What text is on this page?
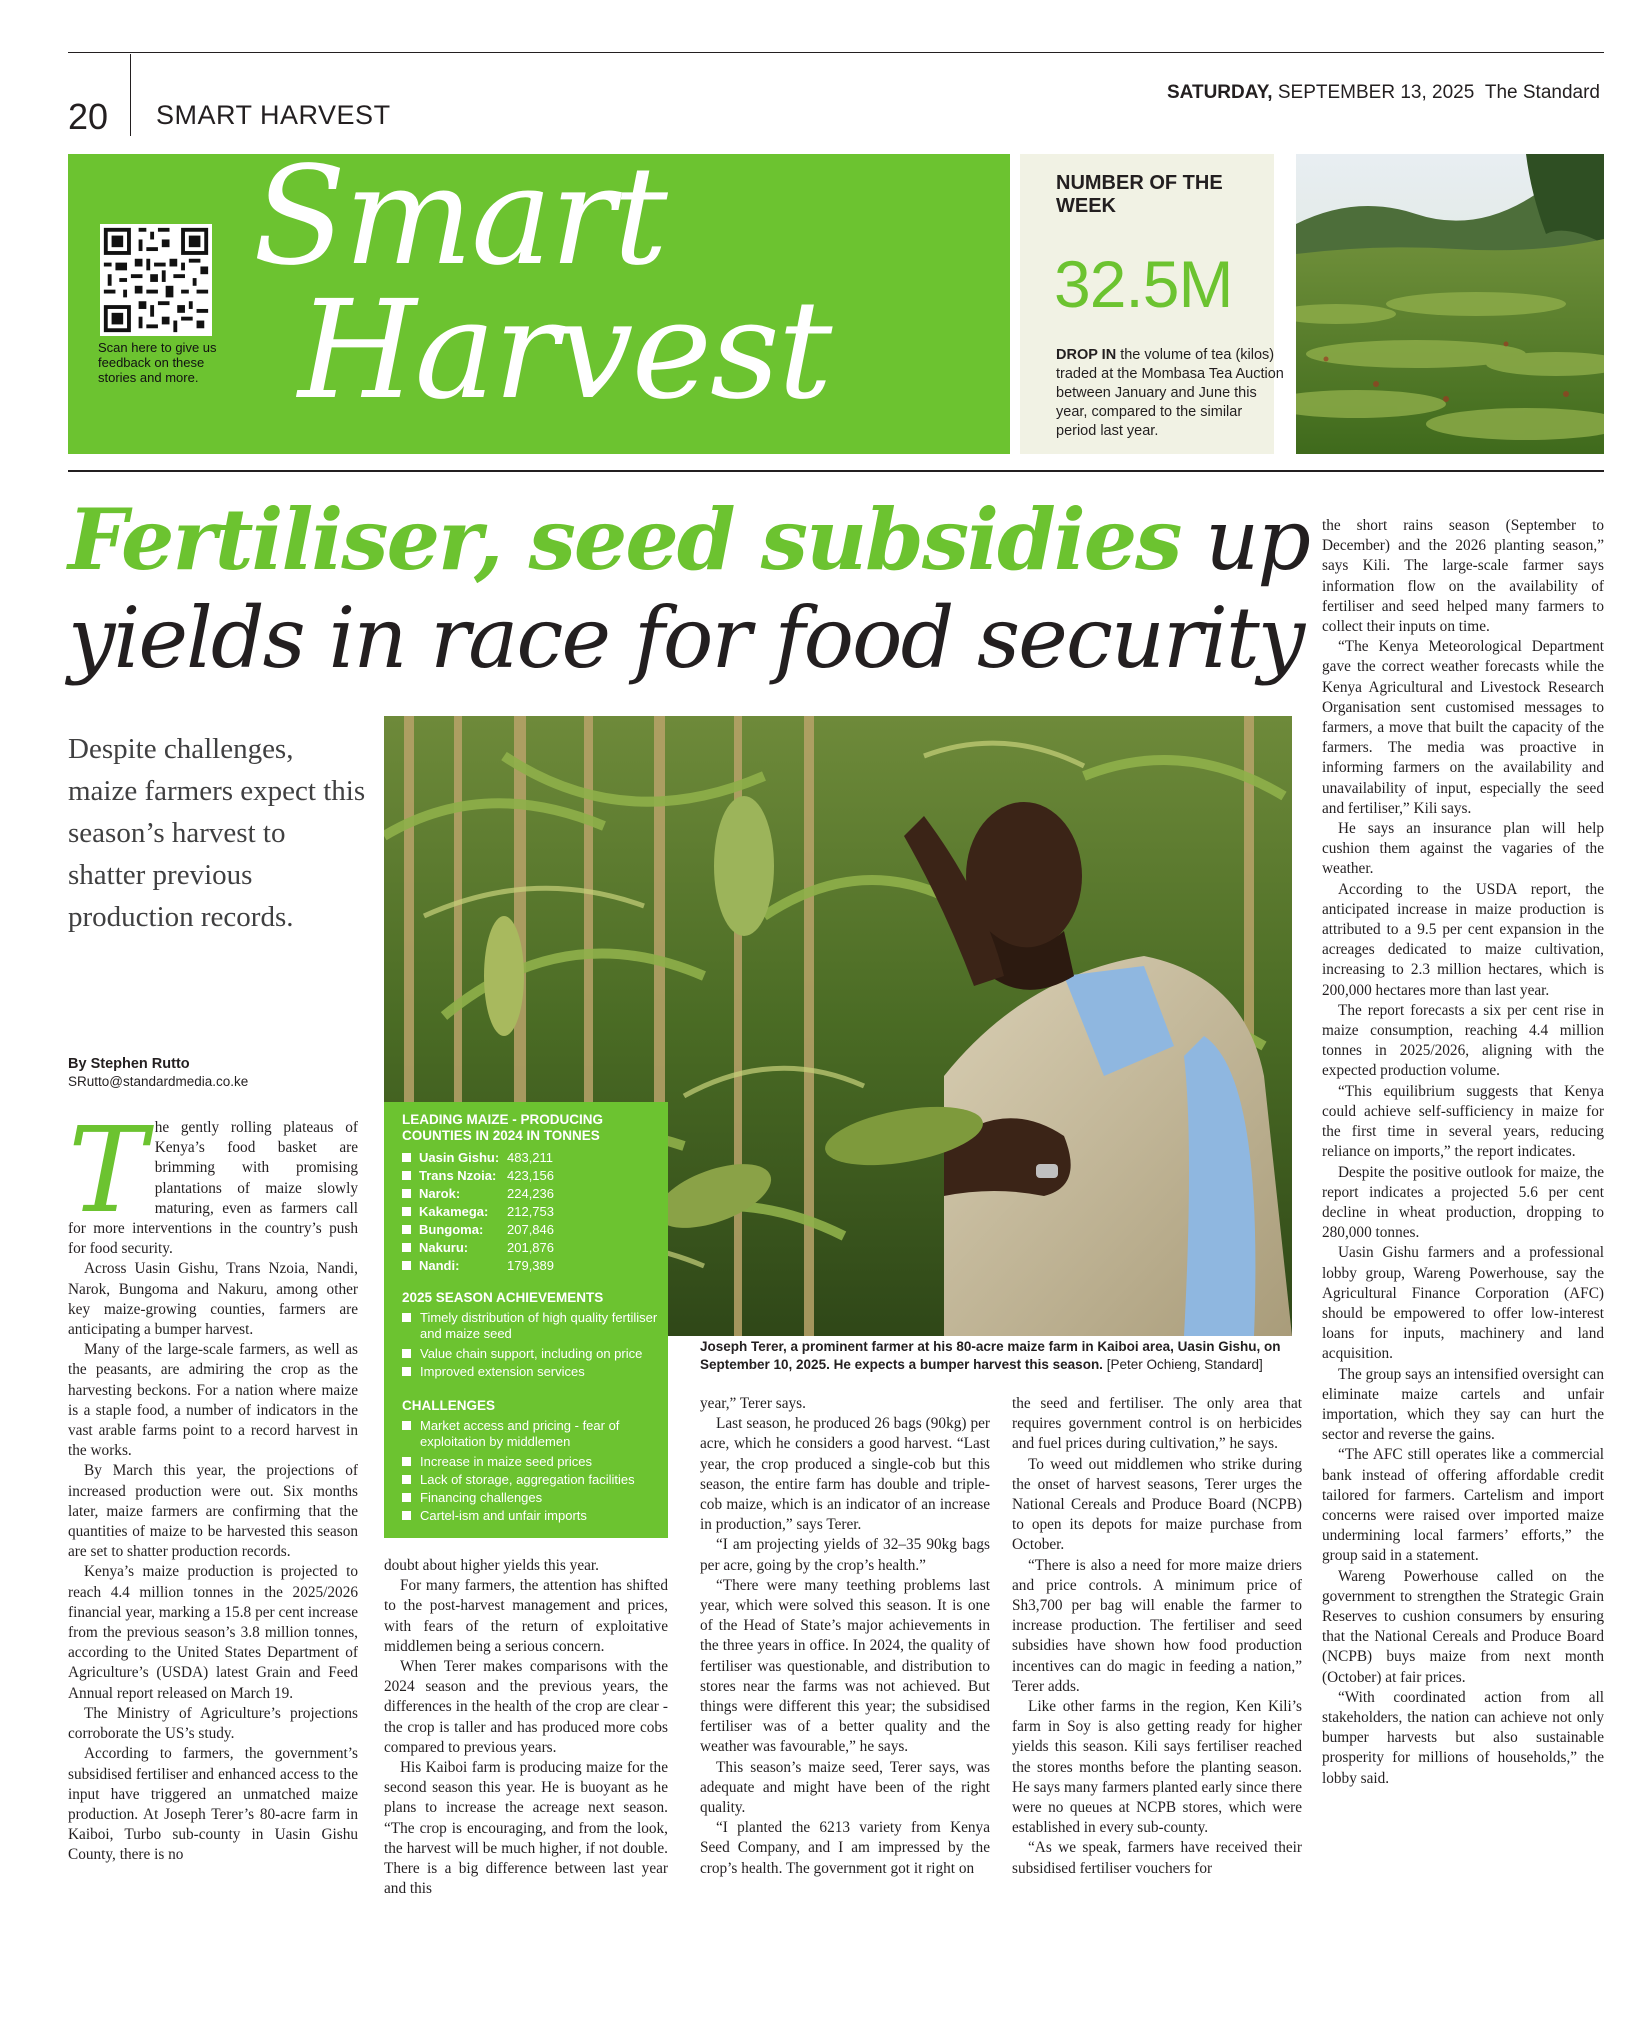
20 SMART HARVEST
SATURDAY, SEPTEMBER 13, 2025 The Standard
Scan here to give us feedback on these stories and more.
Smart
Harvest
NUMBER OF THE WEEK
32.5M
DROP IN the volume of tea (kilos) traded at the Mombasa Tea Auction between January and June this year, compared to the similar period last year.
Fertiliser, seed subsidies up
yields in race for food security
Despite challenges, maize farmers expect this season’s harvest to shatter previous production records.
By Stephen Rutto
SRutto@standardmedia.co.ke
Joseph Terer, a prominent farmer at his 80-acre maize farm in Kaiboi area, Uasin Gishu, on September 10, 2025. He expects a bumper harvest this season. [Peter Ochieng, Standard]
LEADING MAIZE - PRODUCING COUNTIES IN 2024 IN TONNES
Uasin Gishu: 483,211
Trans Nzoia: 423,156
Narok:	224,236
Kakamega: 212,753
Bungoma: 207,846
Nakuru:	201,876
Nandi:	179,389
2025 SEASON ACHIEVEMENTS
Timely distribution of high quality fertiliser and maize seed
Value chain support, including on price
Improved extension services
CHALLENGES
Market access and pricing - fear of exploitation by middlemen
Increase in maize seed prices
Lack of storage, aggregation facilities
Financing challenges
Cartel-ism and unfair imports
T he gently rolling plateaus of Kenya’s food basket are brimming with promising plantations of maize slowly maturing, even as farmers call for more interventions in the country’s push for food security.

Across Uasin Gishu, Trans Nzoia, Nandi, Narok, Bungoma and Nakuru, among other key maize-growing counties, farmers are anticipating a bumper harvest.

Many of the large-scale farmers, as well as the peasants, are admiring the crop as the harvesting beckons. For a nation where maize is a staple food, a number of indicators in the vast arable farms point to a record harvest in the works.

By March this year, the projections of increased production were out. Six months later, maize farmers are confirming that the quantities of maize to be harvested this season are set to shatter production records.

Kenya’s maize production is projected to reach 4.4 million tonnes in the 2025/2026 financial year, marking a 15.8 per cent increase from the previous season’s 3.8 million tonnes, according to the United States Department of Agriculture’s (USDA) latest Grain and Feed Annual report released on March 19.

The Ministry of Agriculture’s projections corroborate the US’s study.

According to farmers, the government’s subsidised fertiliser and enhanced access to the input have triggered an unmatched maize production. At Joseph Terer’s 80-acre farm in Kaiboi, Turbo sub-county in Uasin Gishu County, there is no

doubt about higher yields this year.

For many farmers, the attention has shifted to the post-harvest management and prices, with fears of the return of exploitative middlemen being a serious concern.

When Terer makes comparisons with the 2024 season and the previous years, the differences in the health of the crop are clear - the crop is taller and has produced more cobs compared to previous years.

His Kaiboi farm is producing maize for the second season this year. He is buoyant as he plans to increase the acreage next season. “The crop is encouraging, and from the look, the harvest will be much higher, if not double. There is a big difference between last year and this

year,” Terer says.

Last season, he produced 26 bags (90kg) per acre, which he considers a good harvest. “Last year, the crop produced a single-cob but this season, the entire farm has double and triple-cob maize, which is an indicator of an increase in production,” says Terer.

“I am projecting yields of 32–35 90kg bags per acre, going by the crop’s health.”

“There were many teething problems last year, which were solved this season. It is one of the Head of State’s major achievements in the three years in office. In 2024, the quality of fertiliser was questionable, and distribution to stores near the farms was not achieved. But things were different this year; the subsidised fertiliser was of a better quality and the weather was favourable,” he says.

This season’s maize seed, Terer says, was adequate and might have been of the right quality.

“I planted the 6213 variety from Kenya Seed Company, and I am impressed by the crop’s health. The government got it right on

the seed and fertiliser. The only area that requires government control is on herbicides and fuel prices during cultivation,” he says.

To weed out middlemen who strike during the onset of harvest seasons, Terer urges the National Cereals and Produce Board (NCPB) to open its depots for maize purchase from October.

“There is also a need for more maize driers and price controls. A minimum price of Sh3,700 per bag will enable the farmer to increase production. The fertiliser and seed subsidies have shown how food production incentives can do magic in feeding a nation,” Terer adds.

Like other farms in the region, Ken Kili’s farm in Soy is also getting ready for higher yields this season. Kili says fertiliser reached the stores months before the planting season. He says many farmers planted early since there were no queues at NCPB stores, which were established in every sub-county.

“As we speak, farmers have received their subsidised fertiliser vouchers for

the short rains season (September to December) and the 2026 planting season,” says Kili. The large-scale farmer says information flow on the availability of fertiliser and seed helped many farmers to collect their inputs on time.

“The Kenya Meteorological Department gave the correct weather forecasts while the Kenya Agricultural and Livestock Research Organisation sent customised messages to farmers, a move that built the capacity of the farmers. The media was proactive in informing farmers on the availability and unavailability of input, especially the seed and fertiliser,” Kili says.

He says an insurance plan will help cushion them against the vagaries of the weather.

According to the USDA report, the anticipated increase in maize production is attributed to a 9.5 per cent expansion in the acreages dedicated to maize cultivation, increasing to 2.3 million hectares, which is 200,000 hectares more than last year.

The report forecasts a six per cent rise in maize consumption, reaching 4.4 million tonnes in 2025/2026, aligning with the expected production volume.

“This equilibrium suggests that Kenya could achieve self-sufficiency in maize for the first time in several years, reducing reliance on imports,” the report indicates.

Despite the positive outlook for maize, the report indicates a projected 5.6 per cent decline in wheat production, dropping to 280,000 tonnes.

Uasin Gishu farmers and a professional lobby group, Wareng Powerhouse, say the Agricultural Finance Corporation (AFC) should be empowered to offer low-interest loans for inputs, machinery and land acquisition.

The group says an intensified oversight can eliminate maize cartels and unfair importation, which they say can hurt the sector and reverse the gains.

“The AFC still operates like a commercial bank instead of offering affordable credit tailored for farmers. Cartelism and import concerns were raised over imported maize undermining local farmers’ efforts,” the group said in a statement.

Wareng Powerhouse called on the government to strengthen the Strategic Grain Reserves to cushion consumers by ensuring that the National Cereals and Produce Board (NCPB) buys maize from next month (October) at fair prices.

“With coordinated action from all stakeholders, the nation can achieve not only bumper harvests but also sustainable prosperity for millions of households,” the lobby said.
